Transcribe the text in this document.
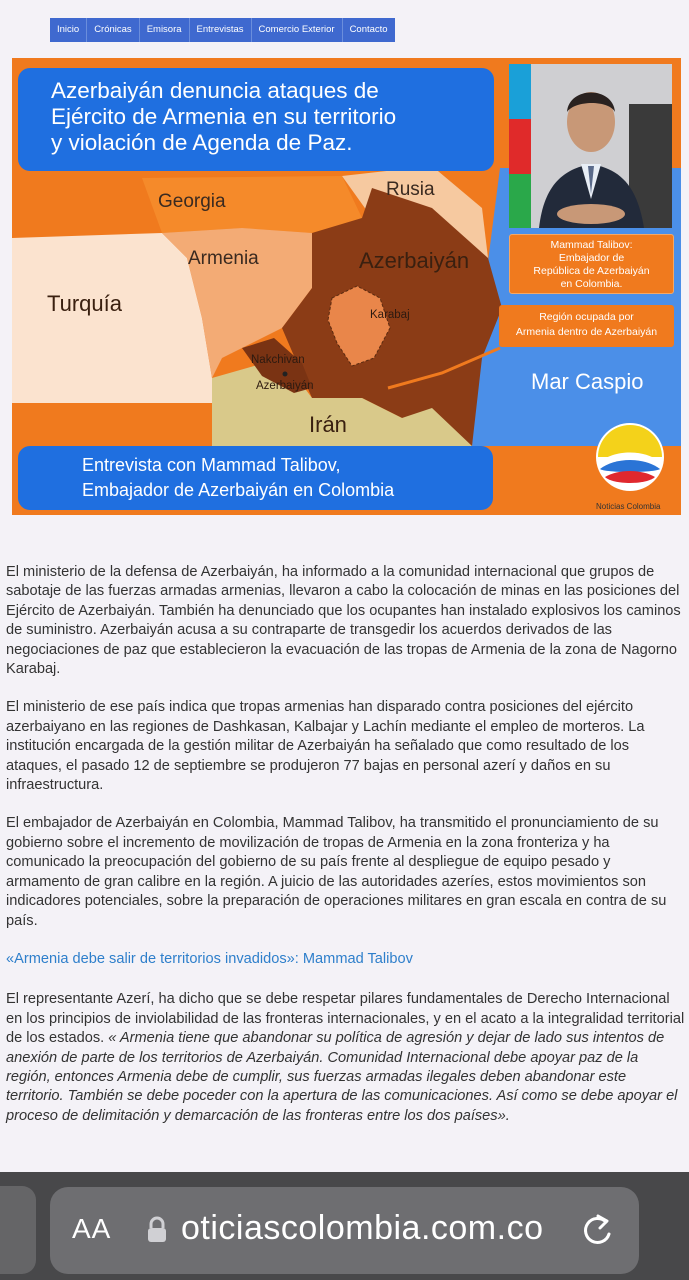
Inicio	Crónicas	Emisora	Entrevistas	Comercio Exterior	Contacto
Azerbaiyán denuncia ataques de
Ejército de Armenia en su territorio
y violación de Agenda de Paz.
Georgia
Rusia
Armenia	Azerbaiyán
Turquía	Karabaj
Nakchivan
Azerbaiyán
Irán
Mar Caspio
Mammad Talibov:
Embajador de
República de Azerbaiyán
en Colombia.
Región ocupada por
Armenia dentro de Azerbaiyán
Entrevista con Mammad Talibov,
Embajador de Azerbaiyán en Colombia
Noticias Colombia

El ministerio de la defensa de Azerbaiyán, ha informado a la comunidad internacional que grupos de sabotaje de las fuerzas armadas armenias, llevaron a cabo la colocación de minas en las posiciones del Ejército de Azerbaiyán. También ha denunciado que los ocupantes han instalado explosivos los caminos de suministro. Azerbaiyán acusa a su contraparte de transgedir los acuerdos derivados de las negociaciones de paz que establecieron la evacuación de las tropas de Armenia de la zona de Nagorno Karabaj.

El ministerio de ese país indica que tropas armenias han disparado contra posiciones del ejército azerbaiyano en las regiones de Dashkasan, Kalbajar y Lachín mediante el empleo de morteros. La institución encargada de la gestión militar de Azerbaiyán ha señalado que como resultado de los ataques, el pasado 12 de septiembre se produjeron 77 bajas en personal azerí y daños en su infraestructura.

El embajador de Azerbaiyán en Colombia, Mammad Talibov, ha transmitido el pronunciamiento de su gobierno sobre el incremento de movilización de tropas de Armenia en la zona fronteriza y ha comunicado la preocupación del gobierno de su país frente al despliegue de equipo pesado y armamento de gran calibre en la región. A juicio de las autoridades azeríes, estos movimientos son indicadores potenciales, sobre la preparación de operaciones militares en gran escala en contra de su país.

«Armenia debe salir de territorios invadidos»: Mammad Talibov

El representante Azerí, ha dicho que se debe respetar pilares fundamentales de Derecho Internacional en los principios de inviolabilidad de las fronteras internacionales, y en el acato a la integralidad territorial de los estados. « Armenia tiene que abandonar su política de agresión y dejar de lado sus intentos de anexión de parte de los territorios de Azerbaiyán. Comunidad Internacional debe apoyar paz de la región, entonces Armenia debe de cumplir, sus fuerzas armadas ilegales deben abandonar este territorio. También se debe poceder con la apertura de las comunicaciones. Así como se debe apoyar el proceso de delimitación y demarcación de las fronteras entre los dos países».

AA oticiascolombia.com.co
